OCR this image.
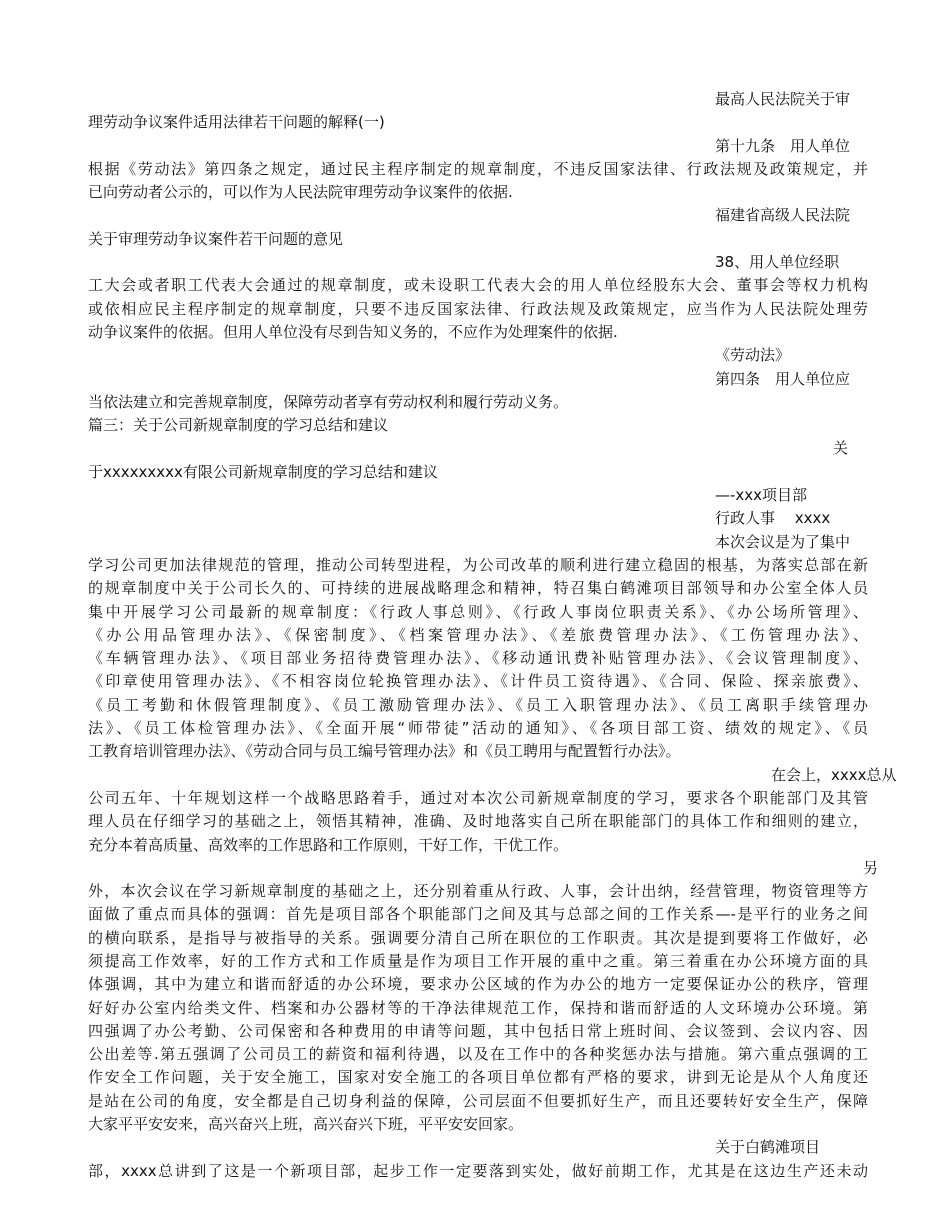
最高人民法院关于审
理劳动争议案件适用法律若干问题的解释(一)
第十九条　用人单位
根据《劳动法》第四条之规定，通过民主程序制定的规章制度，不违反国家法律、行政法规及政策规定，并
已向劳动者公示的，可以作为人民法院审理劳动争议案件的依据.
福建省高级人民法院
关于审理劳动争议案件若干问题的意见
38、用人单位经职
工大会或者职工代表大会通过的规章制度，或未设职工代表大会的用人单位经股东大会、董事会等权力机构
或依相应民主程序制定的规章制度，只要不违反国家法律、行政法规及政策规定，应当作为人民法院处理劳
动争议案件的依据。但用人单位没有尽到告知义务的，不应作为处理案件的依据.
《劳动法》
第四条　用人单位应
当依法建立和完善规章制度，保障劳动者享有劳动权利和履行劳动义务。
篇三：关于公司新规章制度的学习总结和建议
关
于xxxxxxxxx有限公司新规章制度的学习总结和建议
—-xxx项目部
行政人事　 xxxx
本次会议是为了集中
学习公司更加法律规范的管理，推动公司转型进程，为公司改革的顺利进行建立稳固的根基，为落实总部在新
的规章制度中关于公司长久的、可持续的进展战略理念和精神，特召集白鹤滩项目部领导和办公室全体人员
集中开展学习公司最新的规章制度：《行政人事总则》、《行政人事岗位职责关系》、《办公场所管理》、
《办公用品管理办法》、《保密制度》、《档案管理办法》、《差旅费管理办法》、《工伤管理办法》、
《车辆管理办法》、《项目部业务招待费管理办法》、《移动通讯费补贴管理办法》、《会议管理制度》、
《印章使用管理办法》、《不相容岗位轮换管理办法》、《计件员工资待遇》、《合同、保险、探亲旅费》、
《员工考勤和休假管理制度》、《员工激励管理办法》、《员工入职管理办法》、《员工离职手续管理办
法》、《员工体检管理办法》、《全面开展“师带徒”活动的通知》、《各项目部工资、绩效的规定》、《员
工教育培训管理办法》、《劳动合同与员工编号管理办法》和《员工聘用与配置暂行办法》。
在会上，xxxx总从
公司五年、十年规划这样一个战略思路着手，通过对本次公司新规章制度的学习，要求各个职能部门及其管
理人员在仔细学习的基础之上，领悟其精神，准确、及时地落实自己所在职能部门的具体工作和细则的建立，
充分本着高质量、高效率的工作思路和工作原则，干好工作，干优工作。
另
外，本次会议在学习新规章制度的基础之上，还分别着重从行政、人事，会计出纳，经营管理，物资管理等方
面做了重点而具体的强调：首先是项目部各个职能部门之间及其与总部之间的工作关系—-是平行的业务之间
的横向联系，是指导与被指导的关系。强调要分清自己所在职位的工作职责。其次是提到要将工作做好，必
须提高工作效率，好的工作方式和工作质量是作为项目工作开展的重中之重。第三着重在办公环境方面的具
体强调，其中为建立和谐而舒适的办公环境，要求办公区域的作为办公的地方一定要保证办公的秩序，管理
好好办公室内给类文件、档案和办公器材等的干净法律规范工作，保持和谐而舒适的人文环境办公环境。第
四强调了办公考勤、公司保密和各种费用的申请等问题，其中包括日常上班时间、会议签到、会议内容、因
公出差等.第五强调了公司员工的薪资和福利待遇，以及在工作中的各种奖惩办法与措施。第六重点强调的工
作安全工作问题，关于安全施工，国家对安全施工的各项目单位都有严格的要求，讲到无论是从个人角度还
是站在公司的角度，安全都是自己切身利益的保障，公司层面不但要抓好生产，而且还要转好安全生产，保障
大家平平安安来，高兴奋兴上班，高兴奋兴下班，平平安安回家。
关于白鹤滩项目
部，xxxx总讲到了这是一个新项目部，起步工作一定要落到实处，做好前期工作，尤其是在这边生产还未动
